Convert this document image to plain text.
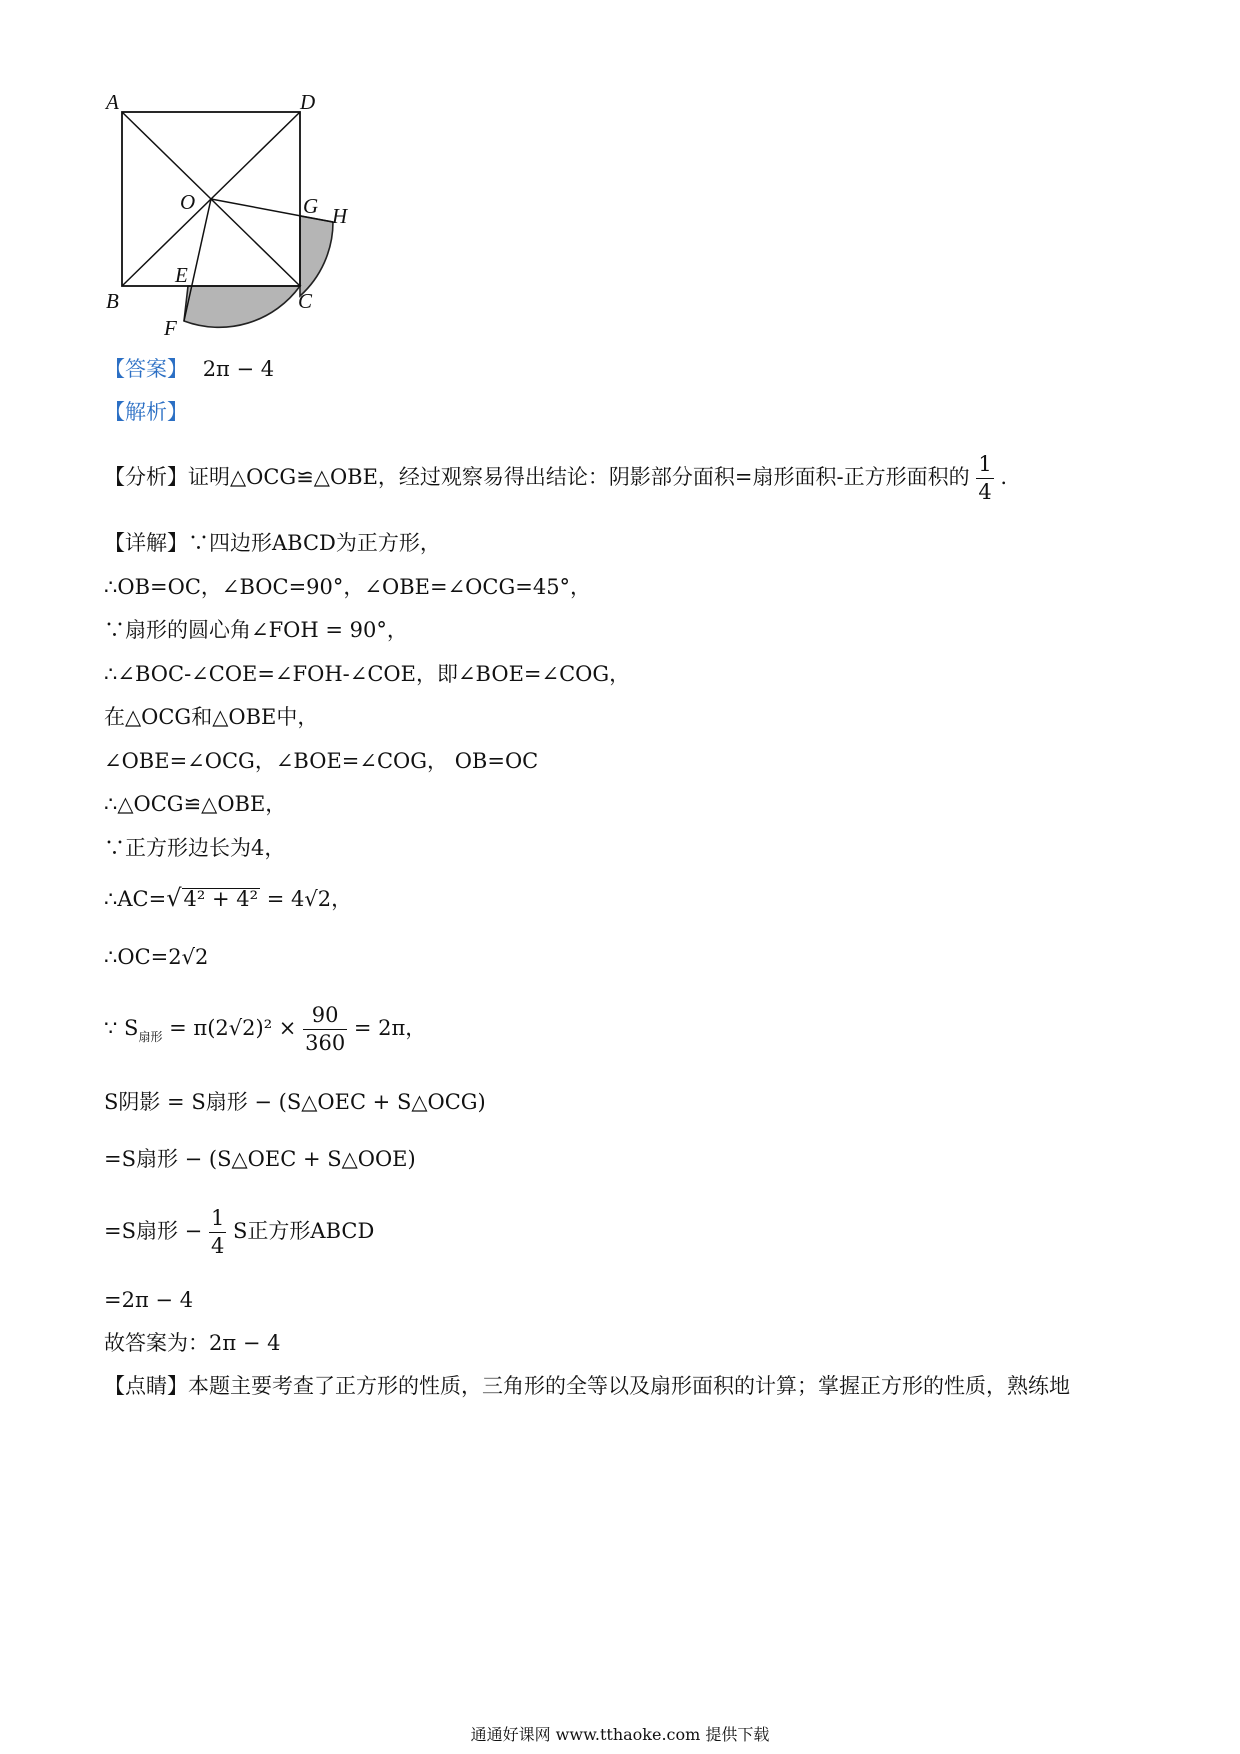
A	D
O	G H
E
B	C
F
【答案】 2π − 4
【解析】
【分析】证明△OCG≌△OBE，经过观察易得出结论：阴影部分面积=扇形面积-正方形面积的 $\frac{1}{4}$ .
【详解】∵四边形ABCD为正方形，
∴OB=OC，∠BOC=90°，∠OBE=∠OCG=45°，
∵扇形的圆心角∠FOH = 90°，
∴∠BOC-∠COE=∠FOH-∠COE，即∠BOE=∠COG，
在△OCG和△OBE中，
∠OBE=∠OCG，∠BOE=∠COG， OB=OC
∴△OCG≌△OBE，
∵正方形边长为4，
∴AC=√4² + 4² = 4√2，
∴OC=2√2
∵ $S_{扇形} = \pi(2√2)^2 \times \frac{90}{360} = 2\pi$，
S阴影 = S扇形 − (S△OEC + S△OCG)
=S扇形 − (S△OEC + S△OOE)
=S扇形 − $\frac{1}{4}$ S正方形ABCD
=2π − 4
故答案为：2π − 4
【点睛】本题主要考查了正方形的性质，三角形的全等以及扇形面积的计算；掌握正方形的性质，熟练地
通通好课网 www.tthaoke.com 提供下载
